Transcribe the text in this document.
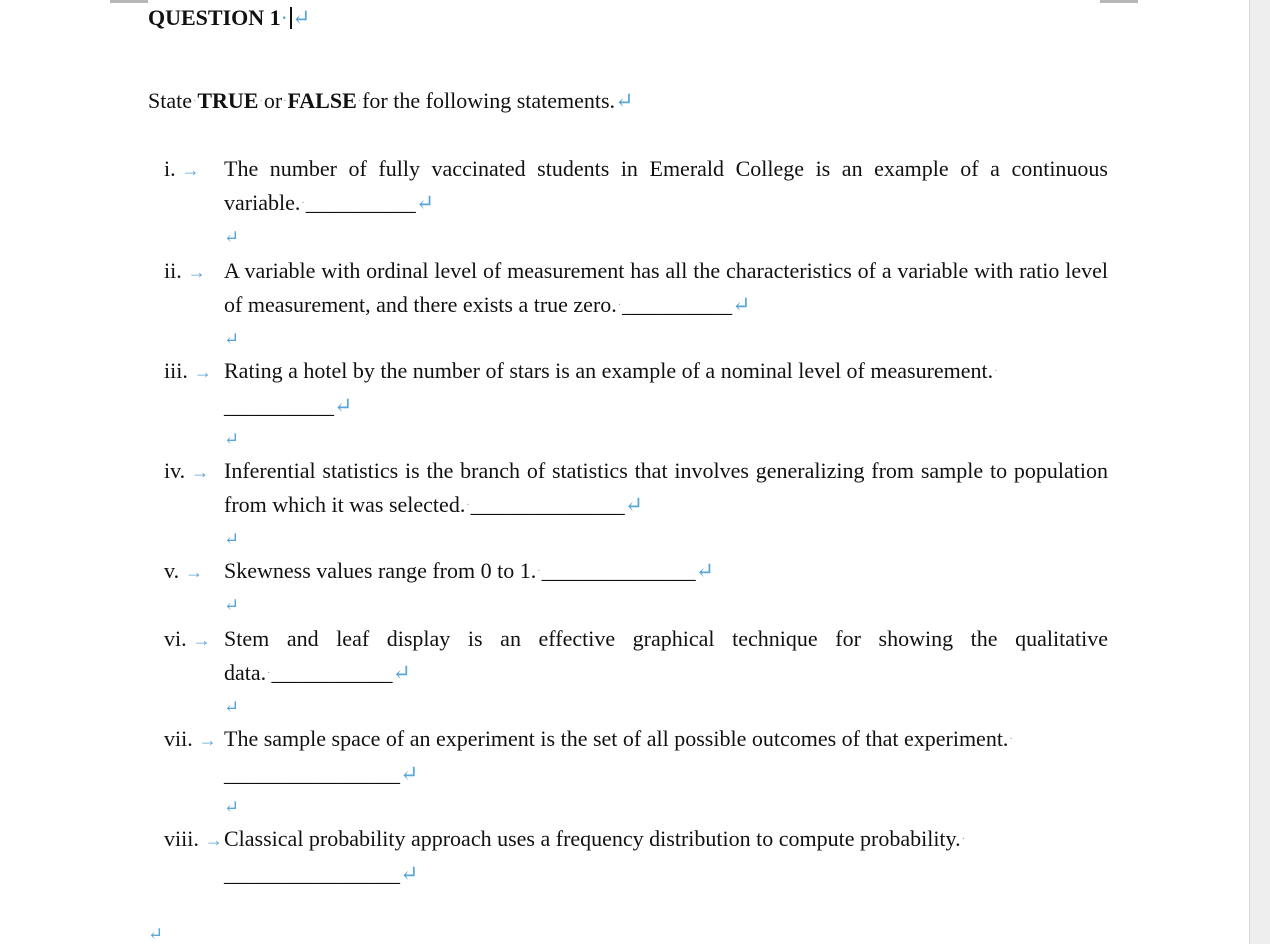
QUESTION 1· ↵
State·TRUE·or·FALSE·for the following statements.↵
i. → The number of fully vaccinated students in Emerald College is an example of a continuous variable.·__________↵
↵
ii. → A variable with ordinal level of measurement has all the characteristics of a variable with ratio level of measurement, and there exists a true zero.·__________↵
↵
iii. → Rating a hotel by the number of stars is an example of a nominal level of measurement.·
__________↵
↵
iv. → Inferential statistics is the branch of statistics that involves generalizing from sample to population from which it was selected.·______________↵
↵
v. → Skewness values range from 0 to 1.·______________↵
↵
vi. → Stem and leaf display is an effective graphical technique for showing the qualitative data.·___________↵
↵
vii. → The sample space of an experiment is the set of all possible outcomes of that experiment.·
________________↵
↵
viii. → Classical probability approach uses a frequency distribution to compute probability.·
________________↵
↵
